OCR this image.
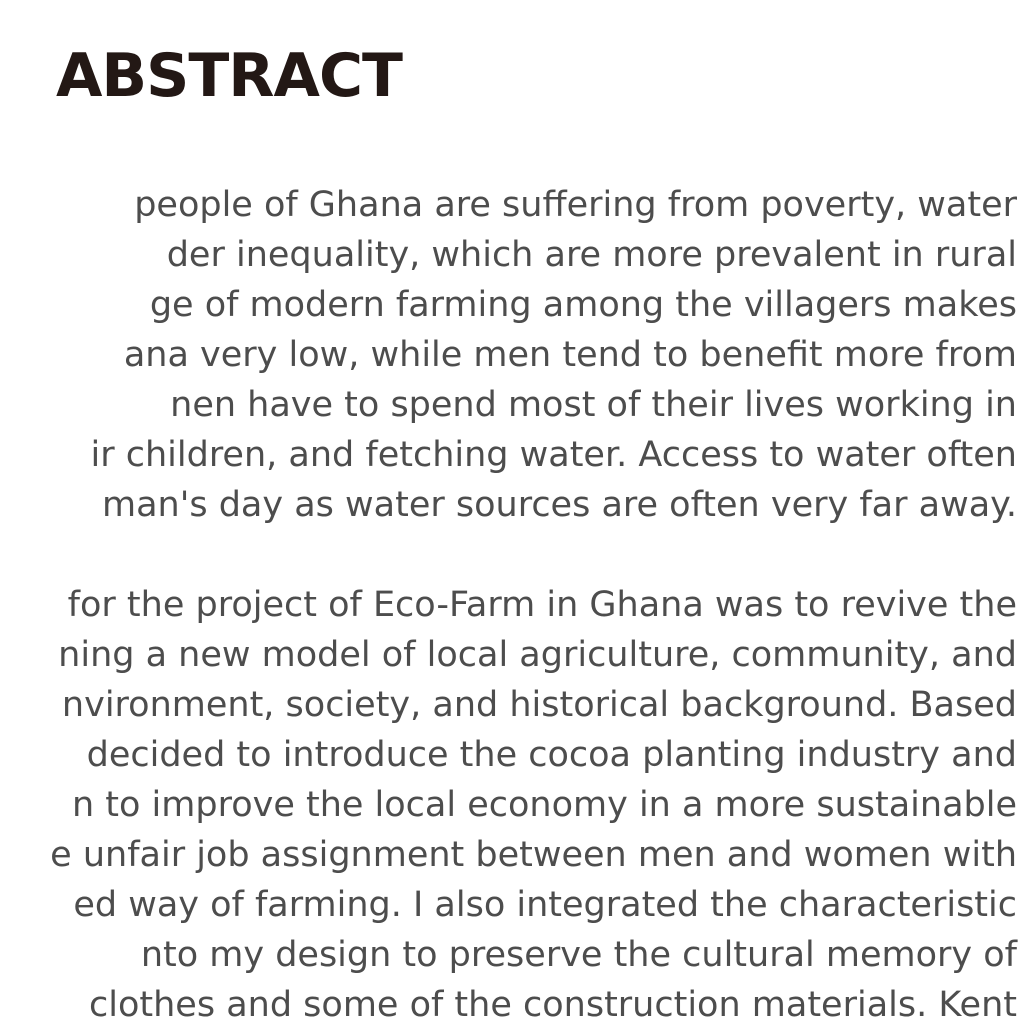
ABSTRACT
people of Ghana are suffering from poverty, water
der inequality, which are more prevalent in rural
ge of modern farming among the villagers makes
ana very low, while men tend to benefit more from
nen have to spend most of their lives working in
ir children, and fetching water. Access to water often
man's day as water sources are often very far away.
for the project of Eco-Farm in Ghana was to revive the
ning a new model of local agriculture, community, and
nvironment, society, and historical background. Based
decided to introduce the cocoa planting industry and
n to improve the local economy in a more sustainable
e unfair job assignment between men and women with
ed way of farming. I also integrated the characteristic
nto my design to preserve the cultural memory of
clothes and some of the construction materials. Kent
